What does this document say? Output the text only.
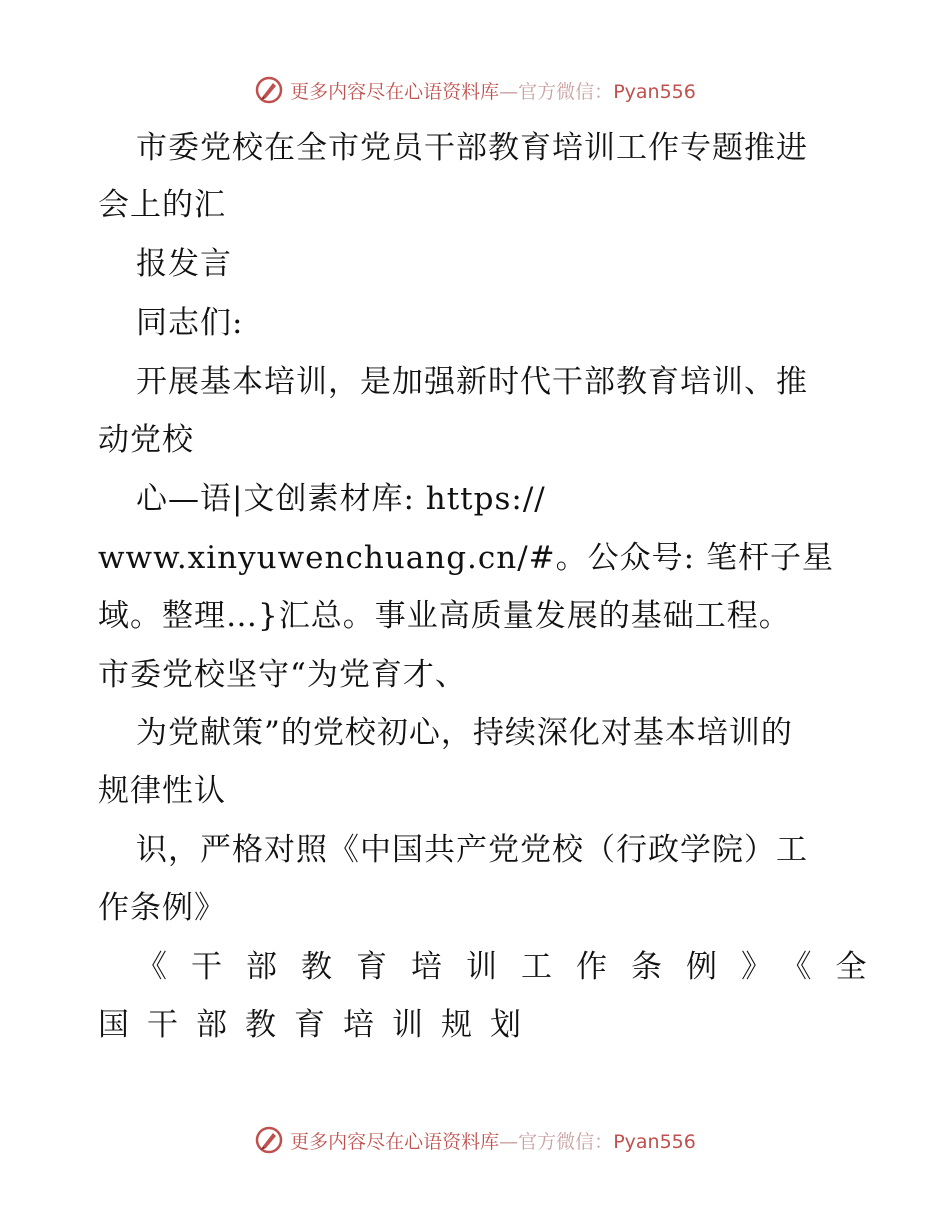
更多内容尽在心语资料库—官方微信：Pyan556
市委党校在全市党员干部教育培训工作专题推进
会上的汇
报发言
同志们:
开展基本培训，是加强新时代干部教育培训、推
动党校
心—语|文创素材库: https://
www.xinyuwenchuang.cn/#。公众号: 笔杆子星
域。整理…}汇总。事业高质量发展的基础工程。
市委党校坚守“为党育才、
为党献策”的党校初心，持续深化对基本培训的
规律性认
识，严格对照《中国共产党党校（行政学院）工
作条例》
《干部教育培训工作条例》《全
国干部教育培训规划
更多内容尽在心语资料库—官方微信：Pyan556
